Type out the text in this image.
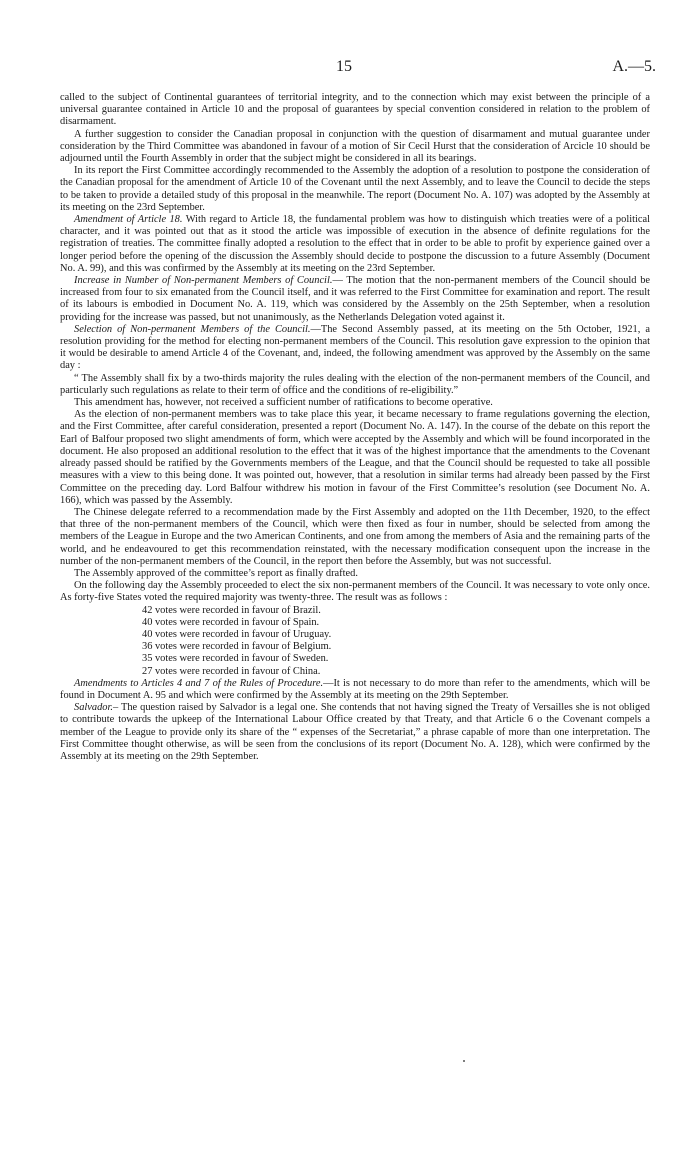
15	A.—5.

called to the subject of Continental guarantees of territorial integrity, and to the connection which may exist between the principle of a universal guarantee contained in Article 10 and the proposal of guarantees by special convention considered in relation to the problem of disarmament.

A further suggestion to consider the Canadian proposal in conjunction with the question of disarmament and mutual guarantee under consideration by the Third Committee was abandoned in favour of a motion of Sir Cecil Hurst that the consideration of Arcicle 10 should be adjourned until the Fourth Assembly in order that the subject might be considered in all its bearings.

In its report the First Committee accordingly recommended to the Assembly the adoption of a resolution to postpone the consideration of the Canadian proposal for the amendment of Article 10 of the Covenant until the next Assembly, and to leave the Council to decide the steps to be taken to provide a detailed study of this proposal in the meanwhile. The report (Document No. A. 107) was adopted by the Assembly at its meeting on the 23rd September.

Amendment of Article 18. With regard to Article 18, the fundamental problem was how to distinguish which treaties were of a political character, and it was pointed out that as it stood the article was impossible of execution in the absence of definite regulations for the registration of treaties. The committee finally adopted a resolution to the effect that in order to be able to profit by experience gained over a longer period before the opening of the discussion the Assembly should decide to postpone the discussion to a future Assembly (Document No. A. 99), and this was confirmed by the Assembly at its meeting on the 23rd September.

Increase in Number of Non-permanent Members of Council.— The motion that the non-permanent members of the Council should be increased from four to six emanated from the Council itself, and it was referred to the First Committee for examination and report. The result of its labours is embodied in Document No. A. 119, which was considered by the Assembly on the 25th September, when a resolution providing for the increase was passed, but not unanimously, as the Netherlands Delegation voted against it.

Selection of Non-permanent Members of the Council.—The Second Assembly passed, at its meeting on the 5th October, 1921, a resolution providing for the method for electing non-permanent members of the Council. This resolution gave expression to the opinion that it would be desirable to amend Article 4 of the Covenant, and, indeed, the following amendment was approved by the Assembly on the same day :

“ The Assembly shall fix by a two-thirds majority the rules dealing with the election of the non-permanent members of the Council, and particularly such regulations as relate to their term of office and the conditions of re-eligibility.”

This amendment has, however, not received a sufficient number of ratifications to become operative.

As the election of non-permanent members was to take place this year, it became necessary to frame regulations governing the election, and the First Committee, after careful consideration, presented a report (Document No. A. 147). In the course of the debate on this report the Earl of Balfour proposed two slight amendments of form, which were accepted by the Assembly and which will be found incorporated in the document. He also proposed an additional resolution to the effect that it was of the highest importance that the amendments to the Covenant already passed should be ratified by the Governments members of the League, and that the Council should be requested to take all possible measures with a view to this being done. It was pointed out, however, that a resolution in similar terms had already been passed by the First Committee on the preceding day. Lord Balfour withdrew his motion in favour of the First Committee’s resolution (see Document No. A. 166), which was passed by the Assembly.

The Chinese delegate referred to a recommendation made by the First Assembly and adopted on the 11th December, 1920, to the effect that three of the non-permanent members of the Council, which were then fixed as four in number, should be selected from among the members of the League in Europe and the two American Continents, and one from among the members of Asia and the remaining parts of the world, and he endeavoured to get this recommendation reinstated, with the necessary modification consequent upon the increase in the number of the non-permanent members of the Council, in the report then before the Assembly, but was not successful.

The Assembly approved of the committee’s report as finally drafted.

On the following day the Assembly proceeded to elect the six non-permanent members of the Council. It was necessary to vote only once. As forty-five States voted the required majority was twenty-three. The result was as follows :

42 votes were recorded in favour of Brazil.
40 votes were recorded in favour of Spain.
40 votes were recorded in favour of Uruguay.
36 votes were recorded in favour of Belgium.
35 votes were recorded in favour of Sweden.
27 votes were recorded in favour of China.

Amendments to Articles 4 and 7 of the Rules of Procedure.—It is not necessary to do more than refer to the amendments, which will be found in Document A. 95 and which were confirmed by the Assembly at its meeting on the 29th September.

Salvador.– The question raised by Salvador is a legal one. She contends that not having signed the Treaty of Versailles she is not obliged to contribute towards the upkeep of the International Labour Office created by that Treaty, and that Article 6 o the Covenant compels a member of the League to provide only its share of the “ expenses of the Secretariat,” a phrase capable of more than one interpretation. The First Committee thought otherwise, as will be seen from the conclusions of its report (Document No. A. 128), which were confirmed by the Assembly at its meeting on the 29th September.
